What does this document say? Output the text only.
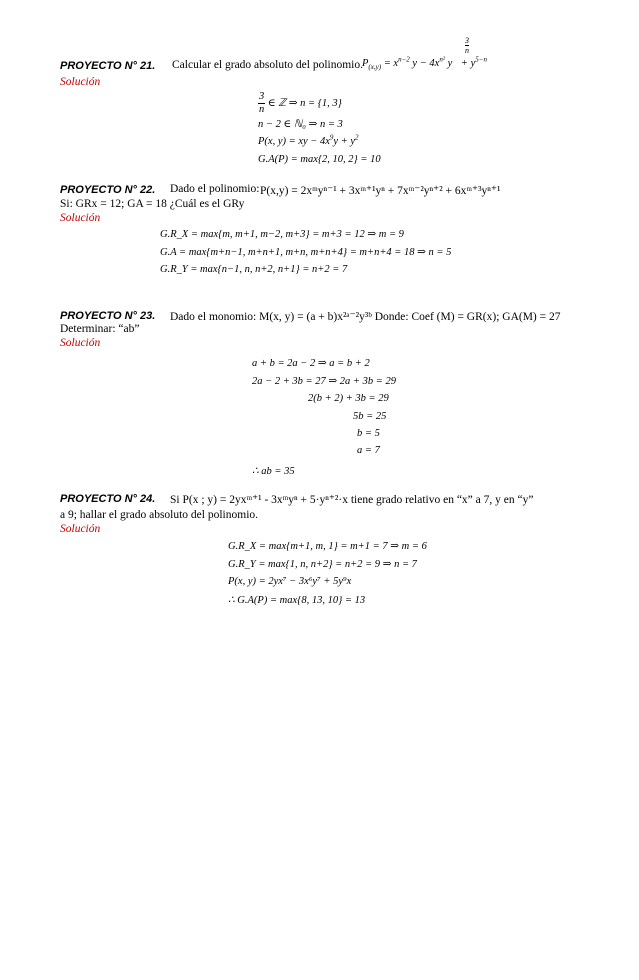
PROYECTO N° 21. Calcular el grado absoluto del polinomio. $P_{(x,y)} = x^{n-2}$ $y - 4x^{n^2}$ y
3
n
+ $y^{5-n}$
Solución
$\frac{3}{n}$ ∈ ℤ ⇒ n = {1, 3}
n − 2 ∈ ℕ₀ ⇒ n = 3
P(x, y) = xy − $4x^9y + y^2$
G.A(P) = max{2, 10, 2} = 10
PROYECTO N° 22. Dado el polinomio: P(x,y) = 2xᵐyⁿ⁻¹ + 3xᵐ⁺¹yⁿ + 7xᵐ⁻²yⁿ⁺² + 6xᵐ⁺³yⁿ⁺¹
Si: GRx = 12; GA = 18 ¿Cuál es el GRy
Solución
G.R_X = max{m, m+1, m−2, m+3} = m+3 = 12 ⇒ m = 9
G.A = max{m+n−1, m+n+1, m+n, m+n+4} = m+n+4 = 18 ⇒ n = 5
G.R_Y = max{n−1, n, n+2, n+1} = n+2 = 7
PROYECTO N° 23. Dado el monomio: M(x, y) = (a + b)x²ᵃ⁻²y³ᵇ Donde: Coef (M) = GR(x); GA(M) = 27
Determinar: “ab”
Solución
a + b = 2a − 2 ⇒ a = b + 2
2a − 2 + 3b = 27 ⇒ 2a + 3b = 29
2(b + 2) + 3b = 29
5b = 25
b = 5
a = 7
∴ ab = 35
PROYECTO N° 24. Si P(x ; y) = 2yxᵐ⁺¹ - 3xᵐyⁿ + 5·yⁿ⁺²·x tiene grado relativo en “x” a 7, y en “y”
a 9; hallar el grado absoluto del polinomio.
Solución
G.R_X = max{m+1, m, 1} = m+1 = 7 ⇒ m = 6
G.R_Y = max{1, n, n+2} = n+2 = 9 ⇒ n = 7
P(x, y) = 2yx⁷ − 3x⁶y⁷ + 5y⁹x
∴ G.A(P) = max{8, 13, 10} = 13
